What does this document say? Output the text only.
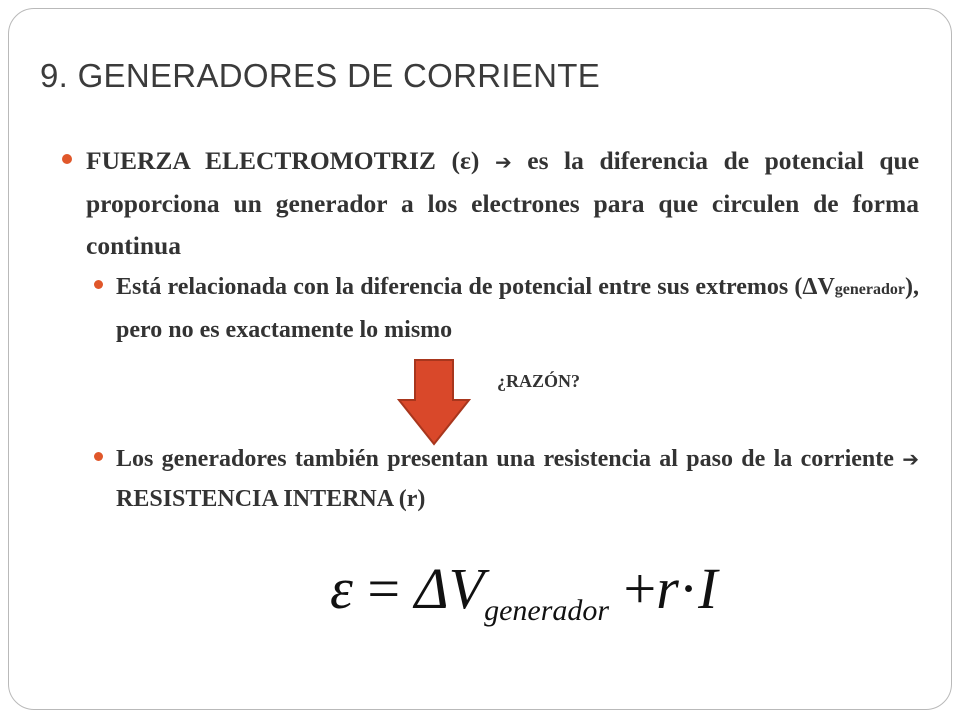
9. GENERADORES DE CORRIENTE
FUERZA ELECTROMOTRIZ (ε) ➔ es la diferencia de potencial que proporciona un generador a los electrones para que circulen de forma continua
Está relacionada con la diferencia de potencial entre sus extremos (ΔVgenerador), pero no es exactamente lo mismo
¿RAZÓN?
Los generadores también presentan una resistencia al paso de la corriente ➔ RESISTENCIA INTERNA (r)
$\varepsilon = \Delta V_{generador} +r\cdot I$
